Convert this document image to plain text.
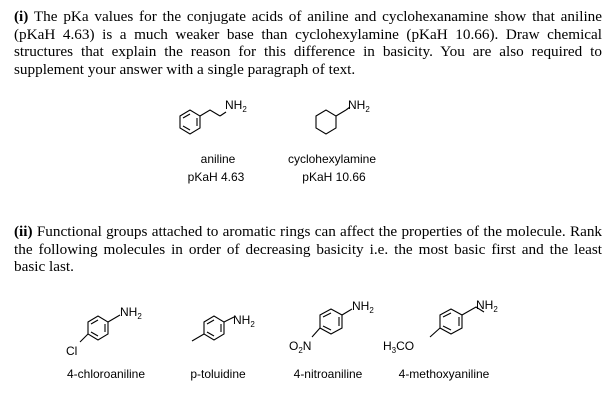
(i) The pKa values for the conjugate acids of aniline and cyclohexanamine show that aniline (pKaH 4.63) is a much weaker base than cyclohexylamine (pKaH 10.66). Draw chemical structures that explain the reason for this difference in basicity. You are also required to supplement your answer with a single paragraph of text.

$NH_2$
aniline
pKaH 4.63
$NH_2$
cyclohexylamine
pKaH 10.66

(ii) Functional groups attached to aromatic rings can affect the properties of the molecule. Rank the following molecules in order of decreasing basicity i.e. the most basic first and the least basic last.

$NH_2$
Cl
4-chloroaniline
$NH_2$
p-toluidine
$NH_2$
$O_2N$
4-nitroaniline
$NH_2$
$H_3CO$
4-methoxyaniline
